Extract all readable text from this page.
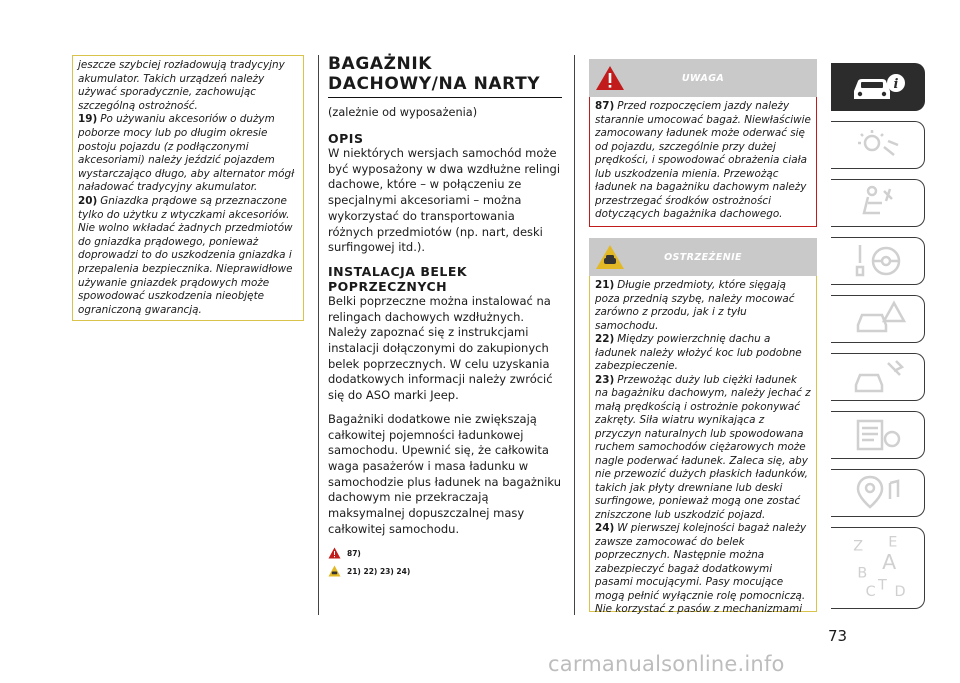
jeszcze szybciej rozładowują tradycyjny akumulator. Takich urządzeń należy używać sporadycznie, zachowując szczególną ostrożność.

19) Po używaniu akcesoriów o dużym poborze mocy lub po długim okresie postoju pojazdu (z podłączonymi akcesoriami) należy jeździć pojazdem wystarczająco długo, aby alternator mógł naładować tradycyjny akumulator.

20) Gniazdka prądowe są przeznaczone tylko do użytku z wtyczkami akcesoriów. Nie wolno wkładać żadnych przedmiotów do gniazdka prądowego, ponieważ doprowadzi to do uszkodzenia gniazdka i przepalenia bezpiecznika. Nieprawidłowe używanie gniazdek prądowych może spowodować uszkodzenia nieobjęte ograniczoną gwarancją.

BAGAŻNIK DACHOWY/NA NARTY
(zależnie od wyposażenia)
OPIS

W niektórych wersjach samochód może być wyposażony w dwa wzdłużne relingi dachowe, które – w połączeniu ze specjalnymi akcesoriami – można wykorzystać do transportowania różnych przedmiotów (np. nart, deski surfingowej itd.).

INSTALACJA BELEK POPRZECZNYCH

Belki poprzeczne można instalować na relingach dachowych wzdłużnych. Należy zapoznać się z instrukcjami instalacji dołączonymi do zakupionych belek poprzecznych. W celu uzyskania dodatkowych informacji należy zwrócić się do ASO marki Jeep.

Bagażniki dodatkowe nie zwiększają całkowitej pojemności ładunkowej samochodu. Upewnić się, że całkowita waga pasażerów i masa ładunku w samochodzie plus ładunek na bagażniku dachowym nie przekraczają maksymalnej dopuszczalnej masy całkowitej samochodu.

87)
21) 22) 23) 24)
UWAGA

87) Przed rozpoczęciem jazdy należy starannie umocować bagaż. Niewłaściwie zamocowany ładunek może oderwać się od pojazdu, szczególnie przy dużej prędkości, i spowodować obrażenia ciała lub uszkodzenia mienia. Przewożąc ładunek na bagażniku dachowym należy przestrzegać środków ostrożności dotyczących bagażnika dachowego.

OSTRZEŻENIE

21) Długie przedmioty, które sięgają poza przednią szybę, należy mocować zarówno z przodu, jak i z tyłu samochodu.

22) Między powierzchnię dachu a ładunek należy włożyć koc lub podobne zabezpieczenie.

23) Przewożąc duży lub ciężki ładunek na bagażniku dachowym, należy jechać z małą prędkością i ostrożnie pokonywać zakręty. Siła wiatru wynikająca z przyczyn naturalnych lub spowodowana ruchem samochodów ciężarowych może nagle poderwać ładunek. Zaleca się, aby nie przewozić dużych płaskich ładunków, takich jak płyty drewniane lub deski surfingowe, ponieważ mogą one zostać zniszczone lub uszkodzić pojazd.

24) W pierwszej kolejności bagaż należy zawsze zamocować do belek poprzecznych. Następnie można zabezpieczyć bagaż dodatkowymi pasami mocującymi. Pasy mocujące mogą pełnić wyłącznie rolę pomocniczą. Nie korzystać z pasów z mechanizmami

i
Z E
A
B
C D
T
73
carmanualsonline.info
